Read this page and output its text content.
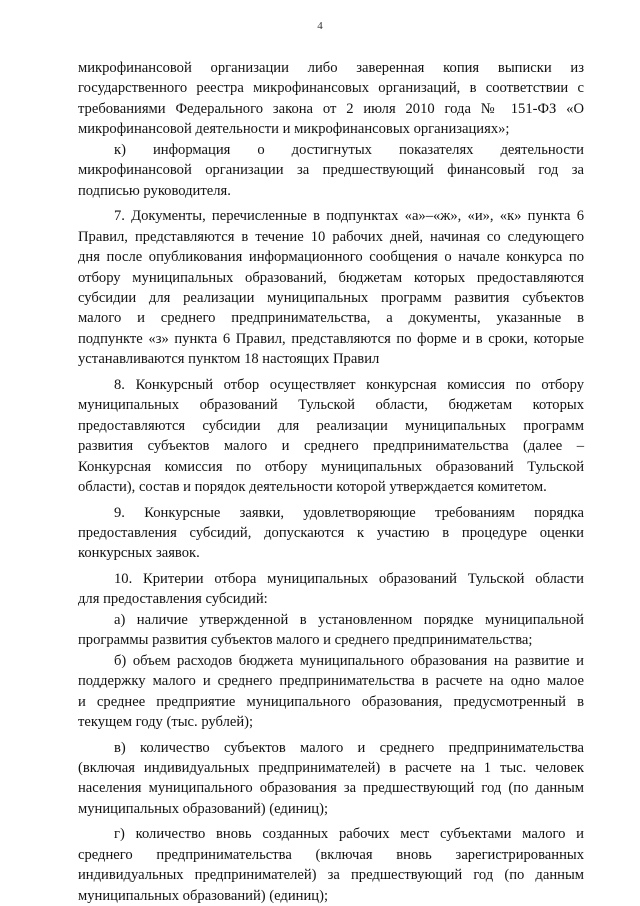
4

микрофинансовой организации либо заверенная копия выписки из
государственного реестра микрофинансовых организаций, в соответствии с
требованиями Федерального закона от 2 июля 2010 года № 151-ФЗ «О
микрофинансовой деятельности и микрофинансовых организациях»;

к) информация о достигнутых показателях деятельности

микрофинансовой организации за предшествующий финансовый год за
подписью руководителя.

7. Документы, перечисленные в подпунктах «а»–«ж», «и», «к» пункта 6
Правил, представляются в течение 10 рабочих дней, начиная со следующего
дня после опубликования информационного сообщения о начале конкурса по
отбору муниципальных образований, бюджетам которых предоставляются
субсидии для реализации муниципальных программ развития субъектов
малого и среднего предпринимательства, а документы, указанные в
подпункте «з» пункта 6 Правил, представляются по форме и в сроки, которые
устанавливаются пунктом 18 настоящих Правил

8. Конкурсный отбор осуществляет конкурсная комиссия по отбору
муниципальных образований Тульской области, бюджетам которых
предоставляются субсидии для реализации муниципальных программ
развития субъектов малого и среднего предпринимательства (далее –
Конкурсная комиссия по отбору муниципальных образований Тульской
области), состав и порядок деятельности которой утверждается комитетом.

9. Конкурсные заявки, удовлетворяющие требованиям порядка
предоставления субсидий, допускаются к участию в процедуре оценки
конкурсных заявок.

10. Критерии отбора муниципальных образований Тульской области
для предоставления субсидий:

а) наличие утвержденной в установленном порядке муниципальной
программы развития субъектов малого и среднего предпринимательства;

б) объем расходов бюджета муниципального образования на развитие и
поддержку малого и среднего предпринимательства в расчете на одно малое
и среднее предприятие муниципального образования, предусмотренный в
текущем году (тыс. рублей);

в) количество субъектов малого и среднего предпринимательства
(включая индивидуальных предпринимателей) в расчете на 1 тыс. человек
населения муниципального образования за предшествующий год (по данным
муниципальных образований) (единиц);

г) количество вновь созданных рабочих мест субъектами малого и
среднего предпринимательства (включая вновь зарегистрированных
индивидуальных предпринимателей) за предшествующий год (по данным
муниципальных образований) (единиц);
